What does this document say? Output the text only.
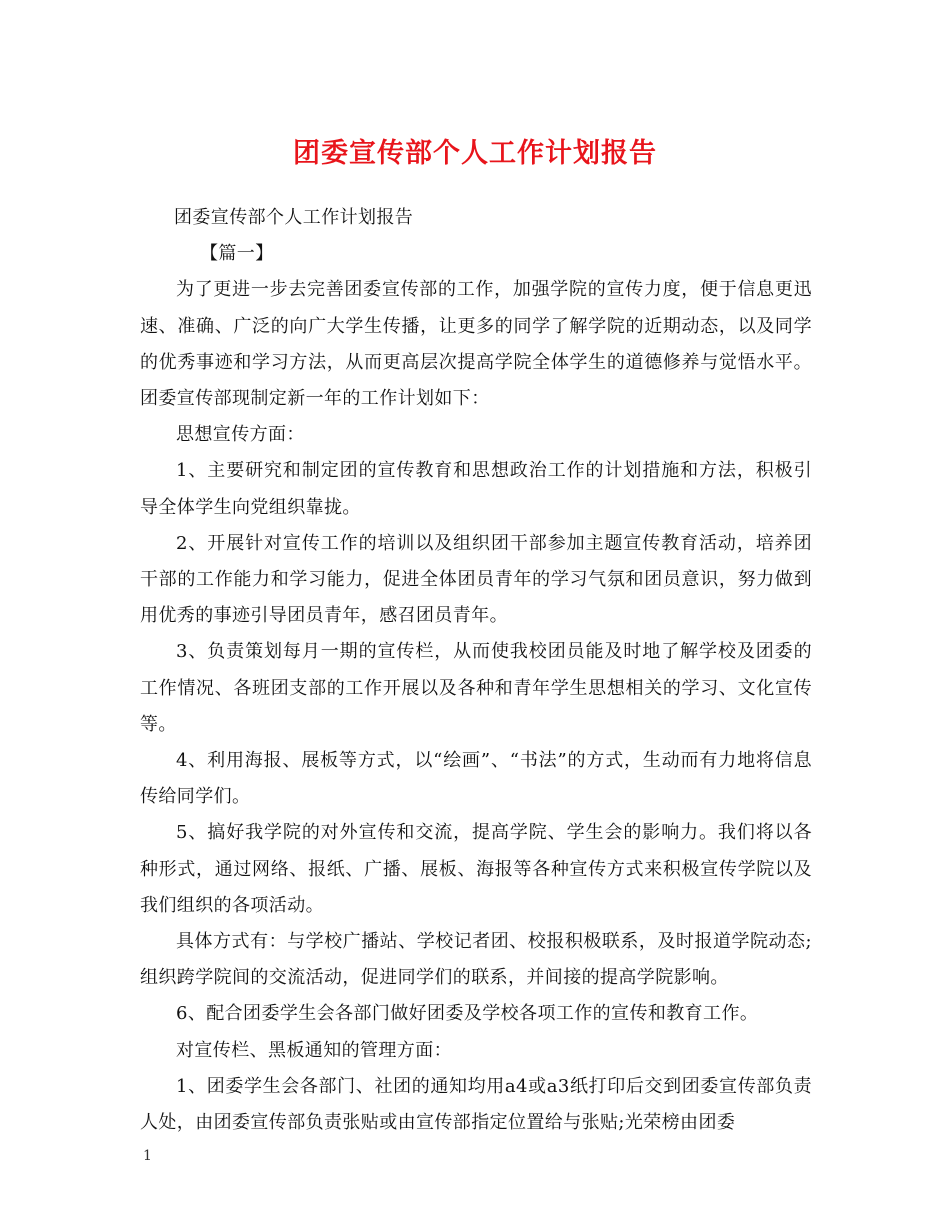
团委宣传部个人工作计划报告

团委宣传部个人工作计划报告

【篇一】

为了更进一步去完善团委宣传部的工作，加强学院的宣传力度，便于信息更迅速、准确、广泛的向广大学生传播，让更多的同学了解学院的近期动态，以及同学的优秀事迹和学习方法，从而更高层次提高学院全体学生的道德修养与觉悟水平。团委宣传部现制定新一年的工作计划如下：

思想宣传方面：

1、主要研究和制定团的宣传教育和思想政治工作的计划措施和方法，积极引导全体学生向党组织靠拢。

2、开展针对宣传工作的培训以及组织团干部参加主题宣传教育活动，培养团干部的工作能力和学习能力，促进全体团员青年的学习气氛和团员意识，努力做到用优秀的事迹引导团员青年，感召团员青年。

3、负责策划每月一期的宣传栏，从而使我校团员能及时地了解学校及团委的工作情况、各班团支部的工作开展以及各种和青年学生思想相关的学习、文化宣传等。

4、利用海报、展板等方式，以“绘画”、“书法”的方式，生动而有力地将信息传给同学们。

5、搞好我学院的对外宣传和交流，提高学院、学生会的影响力。我们将以各种形式，通过网络、报纸、广播、展板、海报等各种宣传方式来积极宣传学院以及我们组织的各项活动。

具体方式有：与学校广播站、学校记者团、校报积极联系，及时报道学院动态;组织跨学院间的交流活动，促进同学们的联系，并间接的提高学院影响。

6、配合团委学生会各部门做好团委及学校各项工作的宣传和教育工作。

对宣传栏、黑板通知的管理方面：

1、团委学生会各部门、社团的通知均用a4或a3纸打印后交到团委宣传部负责人处，由团委宣传部负责张贴或由宣传部指定位置给与张贴;光荣榜由团委

1
